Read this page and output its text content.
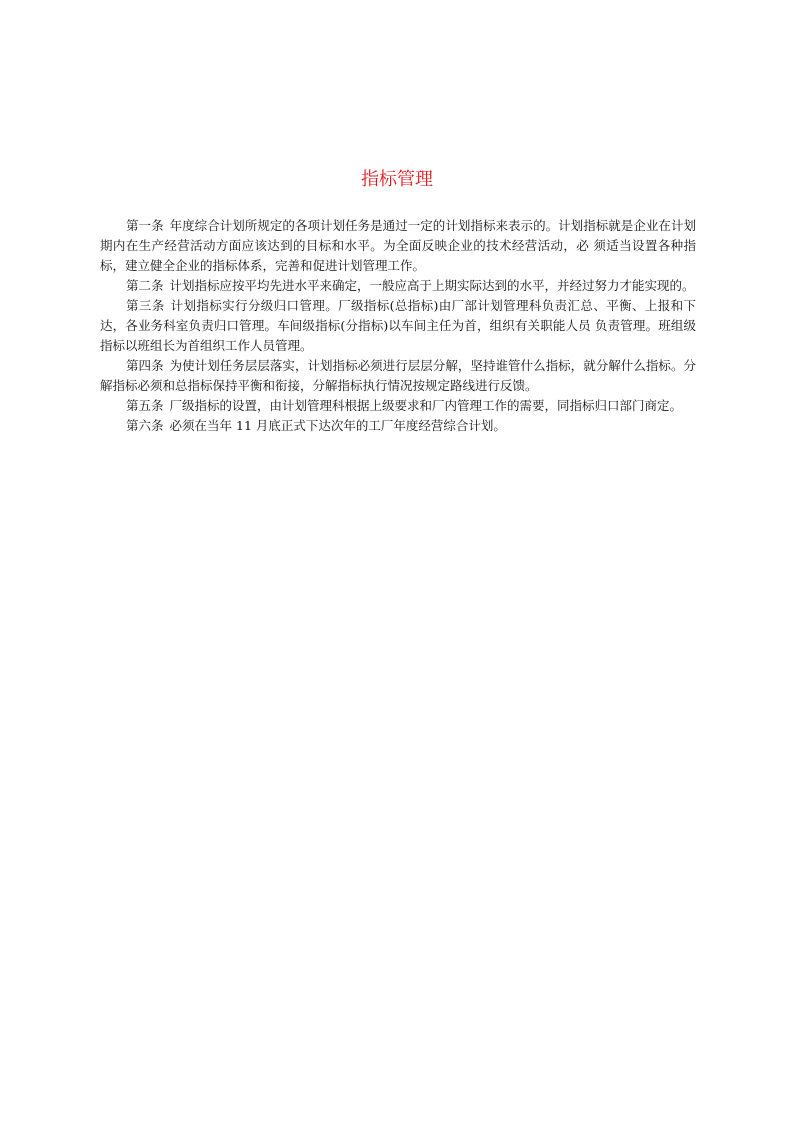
指标管理

第一条 年度综合计划所规定的各项计划任务是通过一定的计划指标来表示的。计划指标就是企业在计划期内在生产经营活动方面应该达到的目标和水平。为全面反映企业的技术经营活动，必 须适当设置各种指标，建立健全企业的指标体系，完善和促进计划管理工作。

第二条 计划指标应按平均先进水平来确定，一般应高于上期实际达到的水平，并经过努力才能实现的。

第三条 计划指标实行分级归口管理。厂级指标(总指标)由厂部计划管理科负责汇总、平衡、上报和下达，各业务科室负责归口管理。车间级指标(分指标)以车间主任为首，组织有关职能人员 负责管理。班组级指标以班组长为首组织工作人员管理。

第四条 为使计划任务层层落实，计划指标必须进行层层分解，坚持谁管什么指标，就分解什么指标。分解指标必须和总指标保持平衡和衔接，分解指标执行情况按规定路线进行反馈。

第五条 厂级指标的设置，由计划管理科根据上级要求和厂内管理工作的需要，同指标归口部门商定。

第六条 必须在当年 11 月底正式下达次年的工厂年度经营综合计划。
